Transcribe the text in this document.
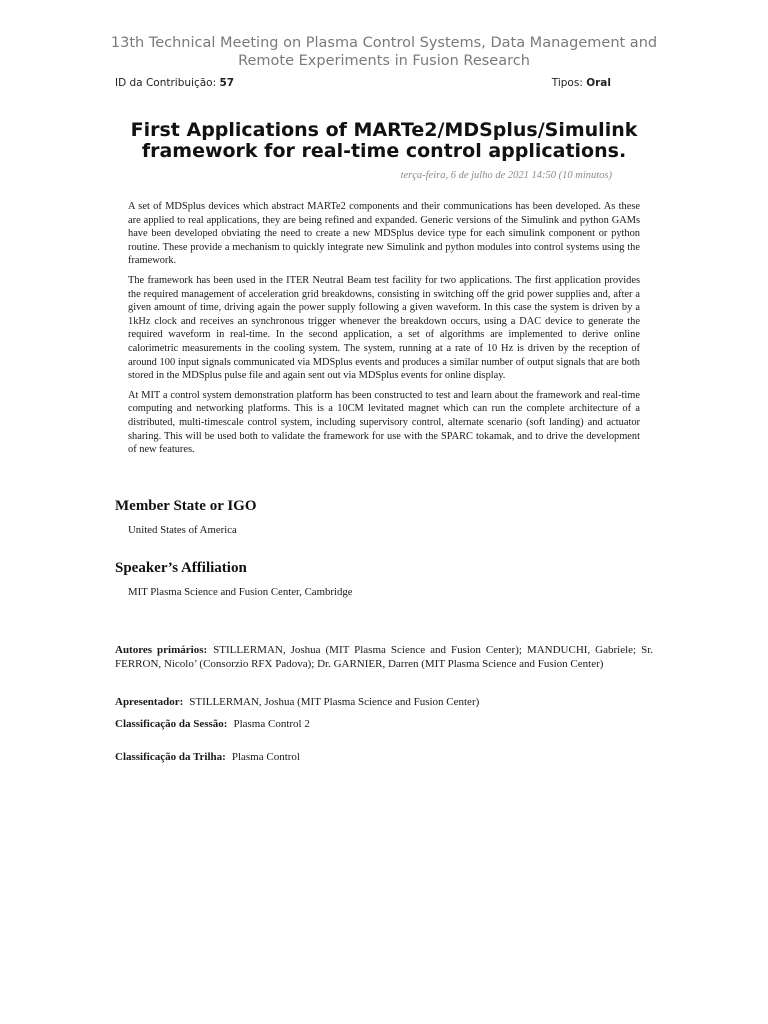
13th Technical Meeting on Plasma Control Systems, Data Management and Remote Experiments in Fusion Research
ID da Contribuição: 57	Tipos: Oral
First Applications of MARTe2/MDSplus/Simulink framework for real-time control applications.
terça-feira, 6 de julho de 2021 14:50 (10 minutos)

A set of MDSplus devices which abstract MARTe2 components and their communications has been developed. As these are applied to real applications, they are being refined and expanded. Generic versions of the Simulink and python GAMs have been developed obviating the need to create a new MDSplus device type for each simulink component or python routine. These provide a mechanism to quickly integrate new Simulink and python modules into control systems using the framework.

The framework has been used in the ITER Neutral Beam test facility for two applications. The first application provides the required management of acceleration grid breakdowns, consisting in switching off the grid power supplies and, after a given amount of time, driving again the power supply following a given waveform. In this case the system is driven by a 1kHz clock and receives an synchronous trigger whenever the breakdown occurs, using a DAC device to generate the required waveform in real-time. In the second application, a set of algorithms are implemented to derive online calorimetric measurements in the cooling system. The system, running at a rate of 10 Hz is driven by the reception of around 100 input signals communicated via MDSplus events and produces a similar number of output signals that are both stored in the MDSplus pulse file and again sent out via MDSplus events for online display.

At MIT a control system demonstration platform has been constructed to test and learn about the framework and real-time computing and networking platforms. This is a 10CM levitated magnet which can run the complete architecture of a distributed, multi-timescale control system, including supervisory control, alternate scenario (soft landing) and actuator sharing. This will be used both to validate the framework for use with the SPARC tokamak, and to drive the development of new features.

Member State or IGO
United States of America
Speaker’s Affiliation
MIT Plasma Science and Fusion Center, Cambridge
Autores primários: STILLERMAN, Joshua (MIT Plasma Science and Fusion Center); MANDUCHI, Gabriele; Sr. FERRON, Nicolo’ (Consorzio RFX Padova); Dr. GARNIER, Darren (MIT Plasma Science and Fusion Center)
Apresentador: STILLERMAN, Joshua (MIT Plasma Science and Fusion Center)
Classificação da Sessão: Plasma Control 2
Classificação da Trilha: Plasma Control
